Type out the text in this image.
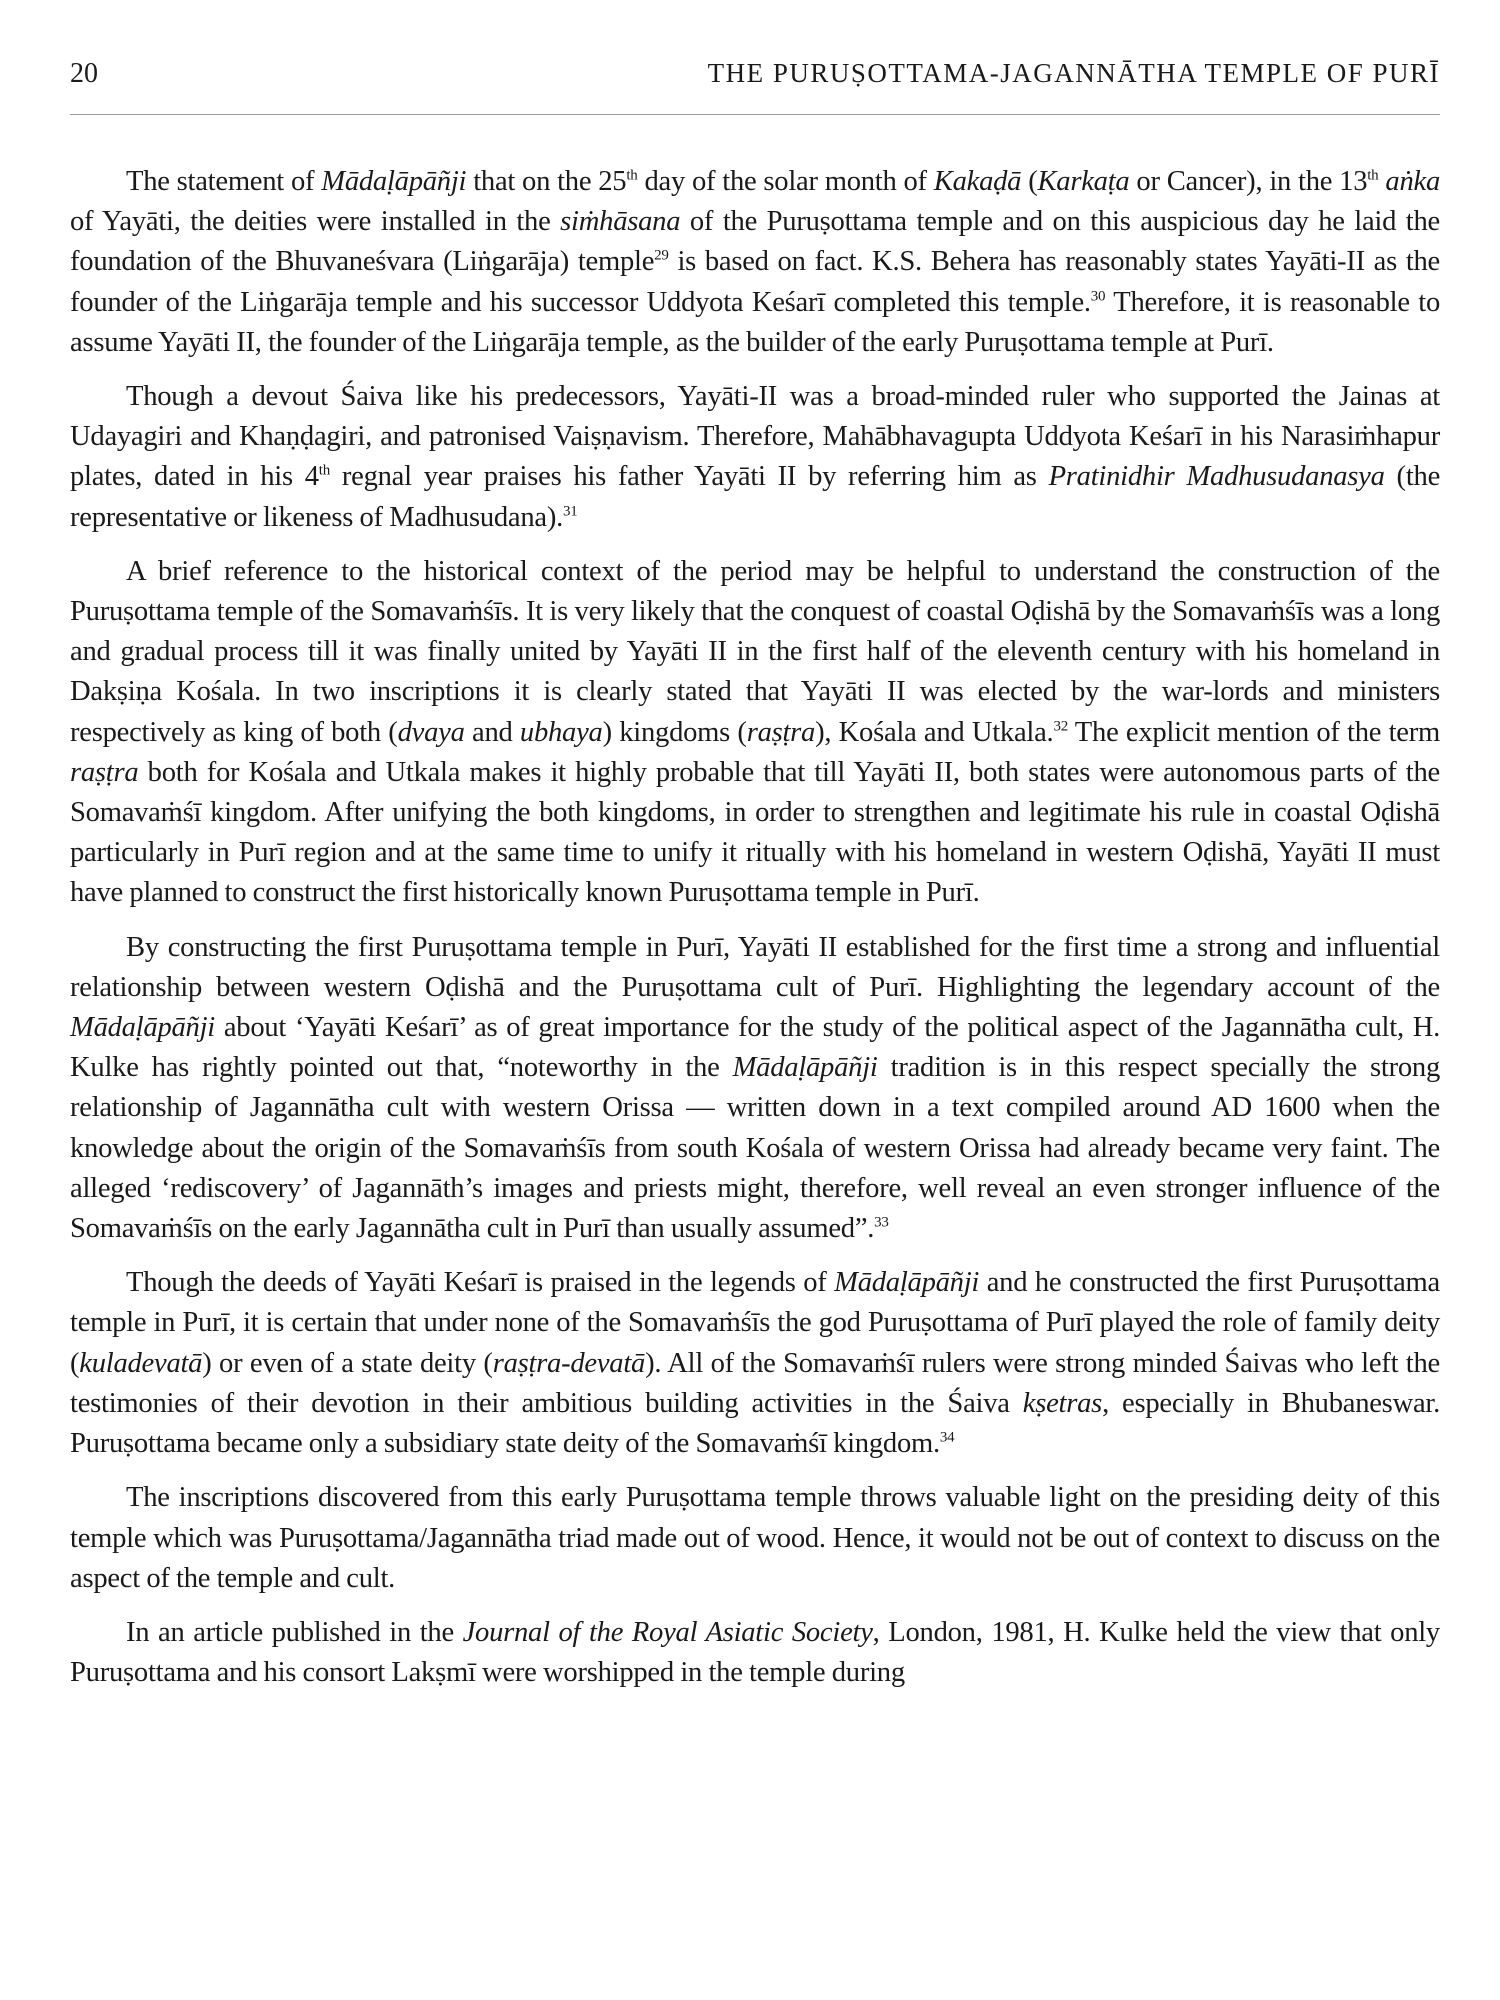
20	THE PURUṢOTTAMA-JAGANNĀTHA TEMPLE OF PURĪ

The statement of Mādaḷāpāñji that on the 25th day of the solar month of Kakaḍā (Karkaṭa or Cancer), in the 13th aṅka of Yayāti, the deities were installed in the siṁhāsana of the Puruṣottama temple and on this auspicious day he laid the foundation of the Bhuvaneśvara (Liṅgarāja) temple$^{29}$ is based on fact. K.S. Behera has reasonably states Yayāti-II as the founder of the Liṅgarāja temple and his successor Uddyota Keśarī completed this temple.$^{30}$ Therefore, it is reasonable to assume Yayāti II, the founder of the Liṅgarāja temple, as the builder of the early Puruṣottama temple at Purī.

Though a devout Śaiva like his predecessors, Yayāti-II was a broad-minded ruler who supported the Jainas at Udayagiri and Khaṇḍagiri, and patronised Vaiṣṇavism. Therefore, Mahābhavagupta Uddyota Keśarī in his Narasiṁhapur plates, dated in his 4th regnal year praises his father Yayāti II by referring him as Pratinidhir Madhusudanasya (the representative or likeness of Madhusudana).$^{31}$

A brief reference to the historical context of the period may be helpful to understand the construction of the Puruṣottama temple of the Somavaṁśīs. It is very likely that the conquest of coastal Oḍishā by the Somavaṁśīs was a long and gradual process till it was finally united by Yayāti II in the first half of the eleventh century with his homeland in Dakṣiṇa Kośala. In two inscriptions it is clearly stated that Yayāti II was elected by the war-lords and ministers respectively as king of both (dvaya and ubhaya) kingdoms (raṣṭra), Kośala and Utkala.$^{32}$ The explicit mention of the term raṣṭra both for Kośala and Utkala makes it highly probable that till Yayāti II, both states were autonomous parts of the Somavaṁśī kingdom. After unifying the both kingdoms, in order to strengthen and legitimate his rule in coastal Oḍishā particularly in Purī region and at the same time to unify it ritually with his homeland in western Oḍishā, Yayāti II must have planned to construct the first historically known Puruṣottama temple in Purī.

By constructing the first Puruṣottama temple in Purī, Yayāti II established for the first time a strong and influential relationship between western Oḍishā and the Puruṣottama cult of Purī. Highlighting the legendary account of the Mādaḷāpāñji about ‘Yayāti Keśarī’ as of great importance for the study of the political aspect of the Jagannātha cult, H. Kulke has rightly pointed out that, “noteworthy in the Mādaḷāpāñji tradition is in this respect specially the strong relationship of Jagannātha cult with western Orissa — written down in a text compiled around AD 1600 when the knowledge about the origin of the Somavaṁśīs from south Kośala of western Orissa had already became very faint. The alleged ‘rediscovery’ of Jagannāth’s images and priests might, therefore, well reveal an even stronger influence of the Somavaṁśīs on the early Jagannātha cult in Purī than usually assumed”.$^{33}$

Though the deeds of Yayāti Keśarī is praised in the legends of Mādaḷāpāñji and he constructed the first Puruṣottama temple in Purī, it is certain that under none of the Somavaṁśīs the god Puruṣottama of Purī played the role of family deity (kuladevatā) or even of a state deity (raṣṭra-devatā). All of the Somavaṁśī rulers were strong minded Śaivas who left the testimonies of their devotion in their ambitious building activities in the Śaiva kṣetras, especially in Bhubaneswar. Puruṣottama became only a subsidiary state deity of the Somavaṁśī kingdom.$^{34}$

The inscriptions discovered from this early Puruṣottama temple throws valuable light on the presiding deity of this temple which was Puruṣottama/Jagannātha triad made out of wood. Hence, it would not be out of context to discuss on the aspect of the temple and cult.

In an article published in the Journal of the Royal Asiatic Society, London, 1981, H. Kulke held the view that only Puruṣottama and his consort Lakṣmī were worshipped in the temple during
